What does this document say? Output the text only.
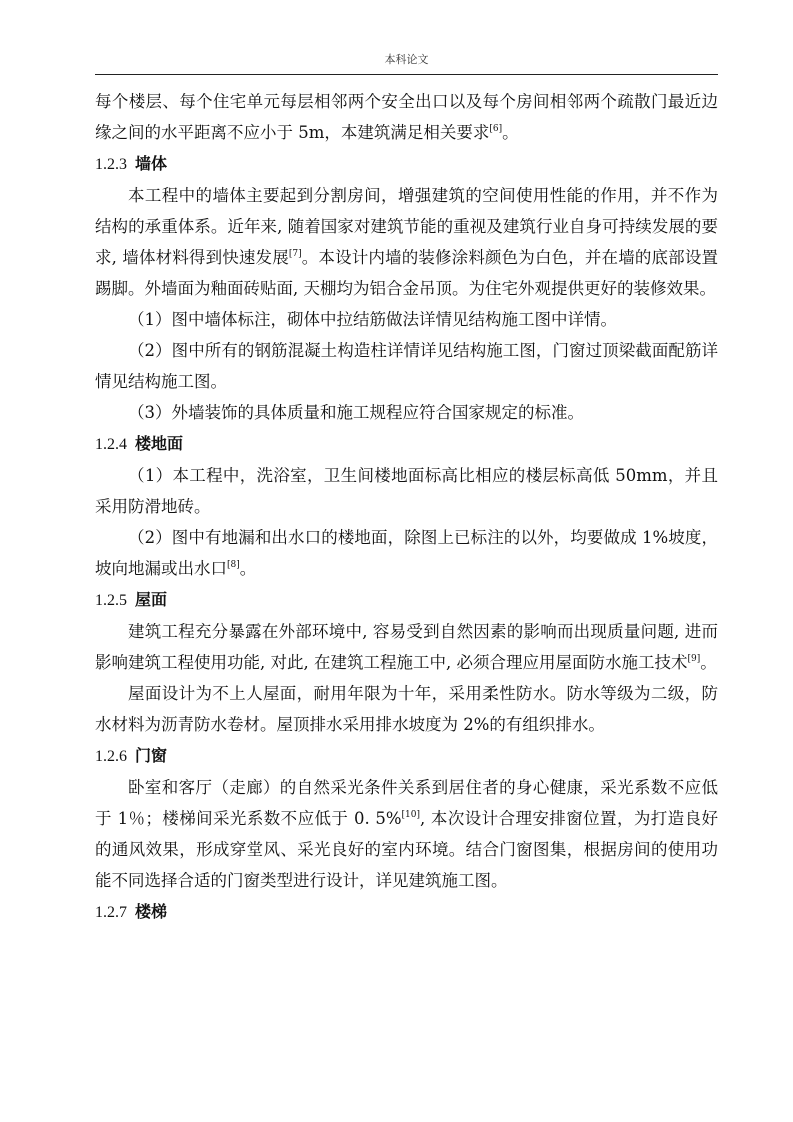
本科论文

每个楼层、每个住宅单元每层相邻两个安全出口以及每个房间相邻两个疏散门最近边缘之间的水平距离不应小于 5m，本建筑满足相关要求[6]。

1.2.3 墙体

本工程中的墙体主要起到分割房间，增强建筑的空间使用性能的作用，并不作为结构的承重体系。近年来, 随着国家对建筑节能的重视及建筑行业自身可持续发展的要求, 墙体材料得到快速发展[7]。本设计内墙的装修涂料颜色为白色，并在墙的底部设置踢脚。外墙面为釉面砖贴面, 天棚均为铝合金吊顶。为住宅外观提供更好的装修效果。

（1）图中墙体标注，砌体中拉结筋做法详情见结构施工图中详情。

（2）图中所有的钢筋混凝土构造柱详情详见结构施工图，门窗过顶梁截面配筋详情见结构施工图。

（3）外墙装饰的具体质量和施工规程应符合国家规定的标准。

1.2.4 楼地面

（1）本工程中，洗浴室，卫生间楼地面标高比相应的楼层标高低 50mm，并且采用防滑地砖。

（2）图中有地漏和出水口的楼地面，除图上已标注的以外，均要做成 1%坡度，坡向地漏或出水口[8]。

1.2.5 屋面

建筑工程充分暴露在外部环境中, 容易受到自然因素的影响而出现质量问题, 进而影响建筑工程使用功能, 对此, 在建筑工程施工中, 必须合理应用屋面防水施工技术[9]。

屋面设计为不上人屋面，耐用年限为十年，采用柔性防水。防水等级为二级，防水材料为沥青防水卷材。屋顶排水采用排水坡度为 2%的有组织排水。

1.2.6 门窗

卧室和客厅（走廊）的自然采光条件关系到居住者的身心健康，采光系数不应低于 1％；楼梯间采光系数不应低于 0. 5%[10], 本次设计合理安排窗位置，为打造良好的通风效果，形成穿堂风、采光良好的室内环境。结合门窗图集，根据房间的使用功能不同选择合适的门窗类型进行设计，详见建筑施工图。

1.2.7 楼梯
